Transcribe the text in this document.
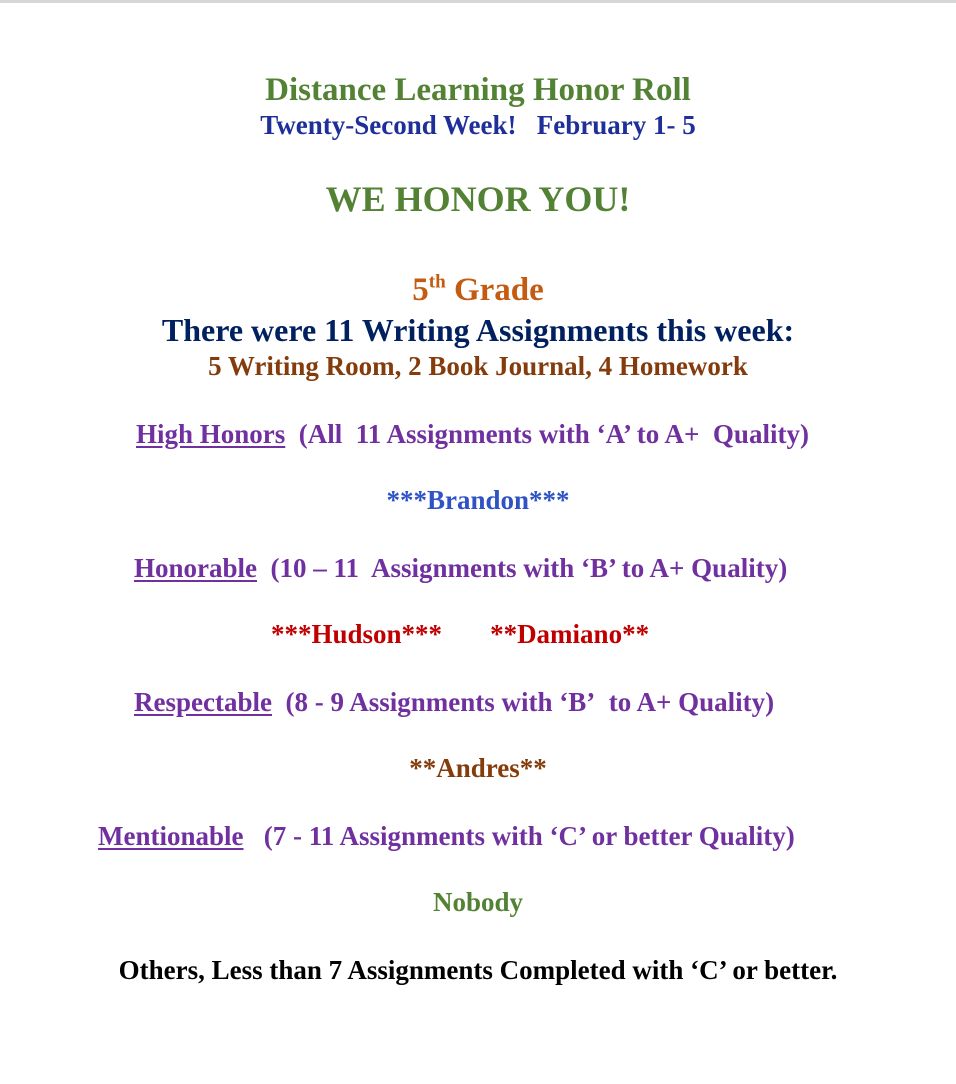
Distance Learning Honor Roll
Twenty-Second Week!   February 1- 5
WE HONOR YOU!
5th Grade
There were 11 Writing Assignments this week:
5 Writing Room, 2 Book Journal, 4 Homework
High Honors  (All  11 Assignments with ‘A’ to A+  Quality)
***Brandon***
Honorable  (10 – 11  Assignments with ‘B’ to A+ Quality)
***Hudson*** **Damiano**
Respectable  (8 - 9 Assignments with ‘B’  to A+ Quality)
**Andres**
Mentionable   (7 - 11 Assignments with ‘C’ or better Quality)
Nobody
Others, Less than 7 Assignments Completed with ‘C’ or better.
